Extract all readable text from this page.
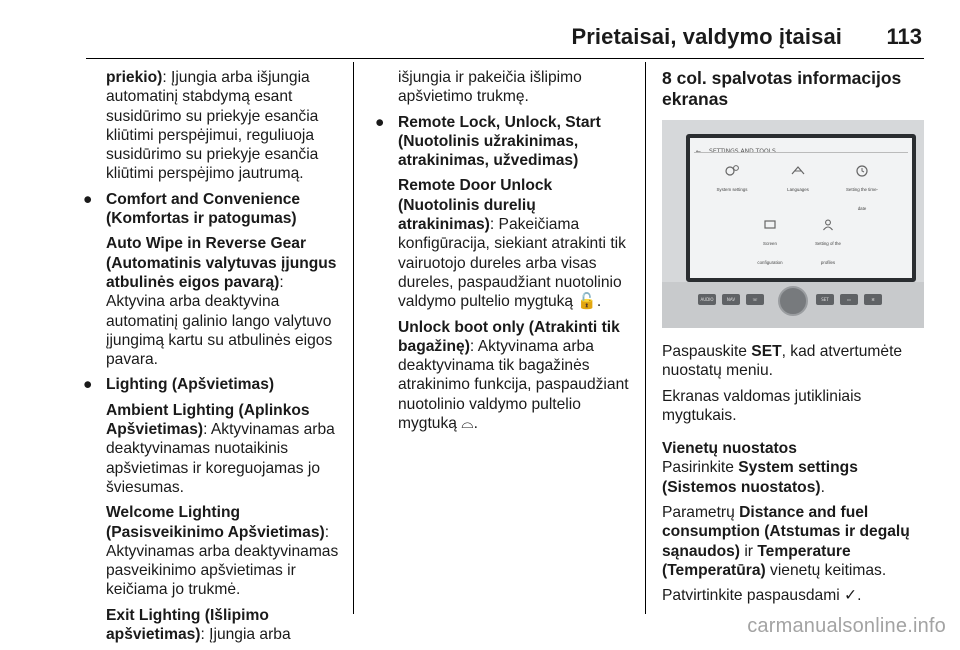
Prietaisai, valdymo įtaisai 113

priekio): Įjungia arba išjungia automatinį stabdymą esant susidūrimo su priekyje esančia kliūtimi perspėjimui, reguliuoja susidūrimo su priekyje esančia kliūtimi perspėjimo jautrumą.

● Comfort and Convenience (Komfortas ir patogumas)

Auto Wipe in Reverse Gear (Automatinis valytuvas įjungus atbulinės eigos pavarą): Aktyvina arba deaktyvina automatinį galinio lango valytuvo įjungimą kartu su atbulinės eigos pavara.

● Lighting (Apšvietimas)

Ambient Lighting (Aplinkos Apšvietimas): Aktyvinamas arba deaktyvinamas nuotaikinis apšvietimas ir koreguojamas jo šviesumas.

Welcome Lighting (Pasisveikinimo Apšvietimas): Aktyvinamas arba deaktyvinamas pasveikinimo apšvietimas ir keičiama jo trukmė.

Exit Lighting (Išlipimo apšvietimas): Įjungia arba

išjungia ir pakeičia išlipimo apšvietimo trukmę.

● Remote Lock, Unlock, Start (Nuotolinis užrakinimas, atrakinimas, užvedimas)

Remote Door Unlock (Nuotolinis durelių atrakinimas): Pakeičiama konfigūracija, siekiant atrakinti tik vairuotojo dureles arba visas dureles, paspaudžiant nuotolinio valdymo pultelio mygtuką 🔓.

Unlock boot only (Atrakinti tik bagažinę): Aktyvinama arba deaktyvinama tik bagažinės atrakinimo funkcija, paspaudžiant nuotolinio valdymo pultelio mygtuką ⌓.

8 col. spalvotas informacijos ekranas
System settings	Languages	Setting the time-date
Screen configuration
Setting of the profiles
AUDIO	NAV	☏	SET	▭	✲

Paspauskite SET, kad atvertumėte nuostatų meniu.

Ekranas valdomas jutikliniais mygtukais.

Vienetų nuostatos

Pasirinkite System settings (Sistemos nuostatos).

Parametrų Distance and fuel consumption (Atstumas ir degalų sąnaudos) ir Temperature (Temperatūra) vienetų keitimas.

Patvirtinkite paspausdami ✓.

carmanualsonline.info
